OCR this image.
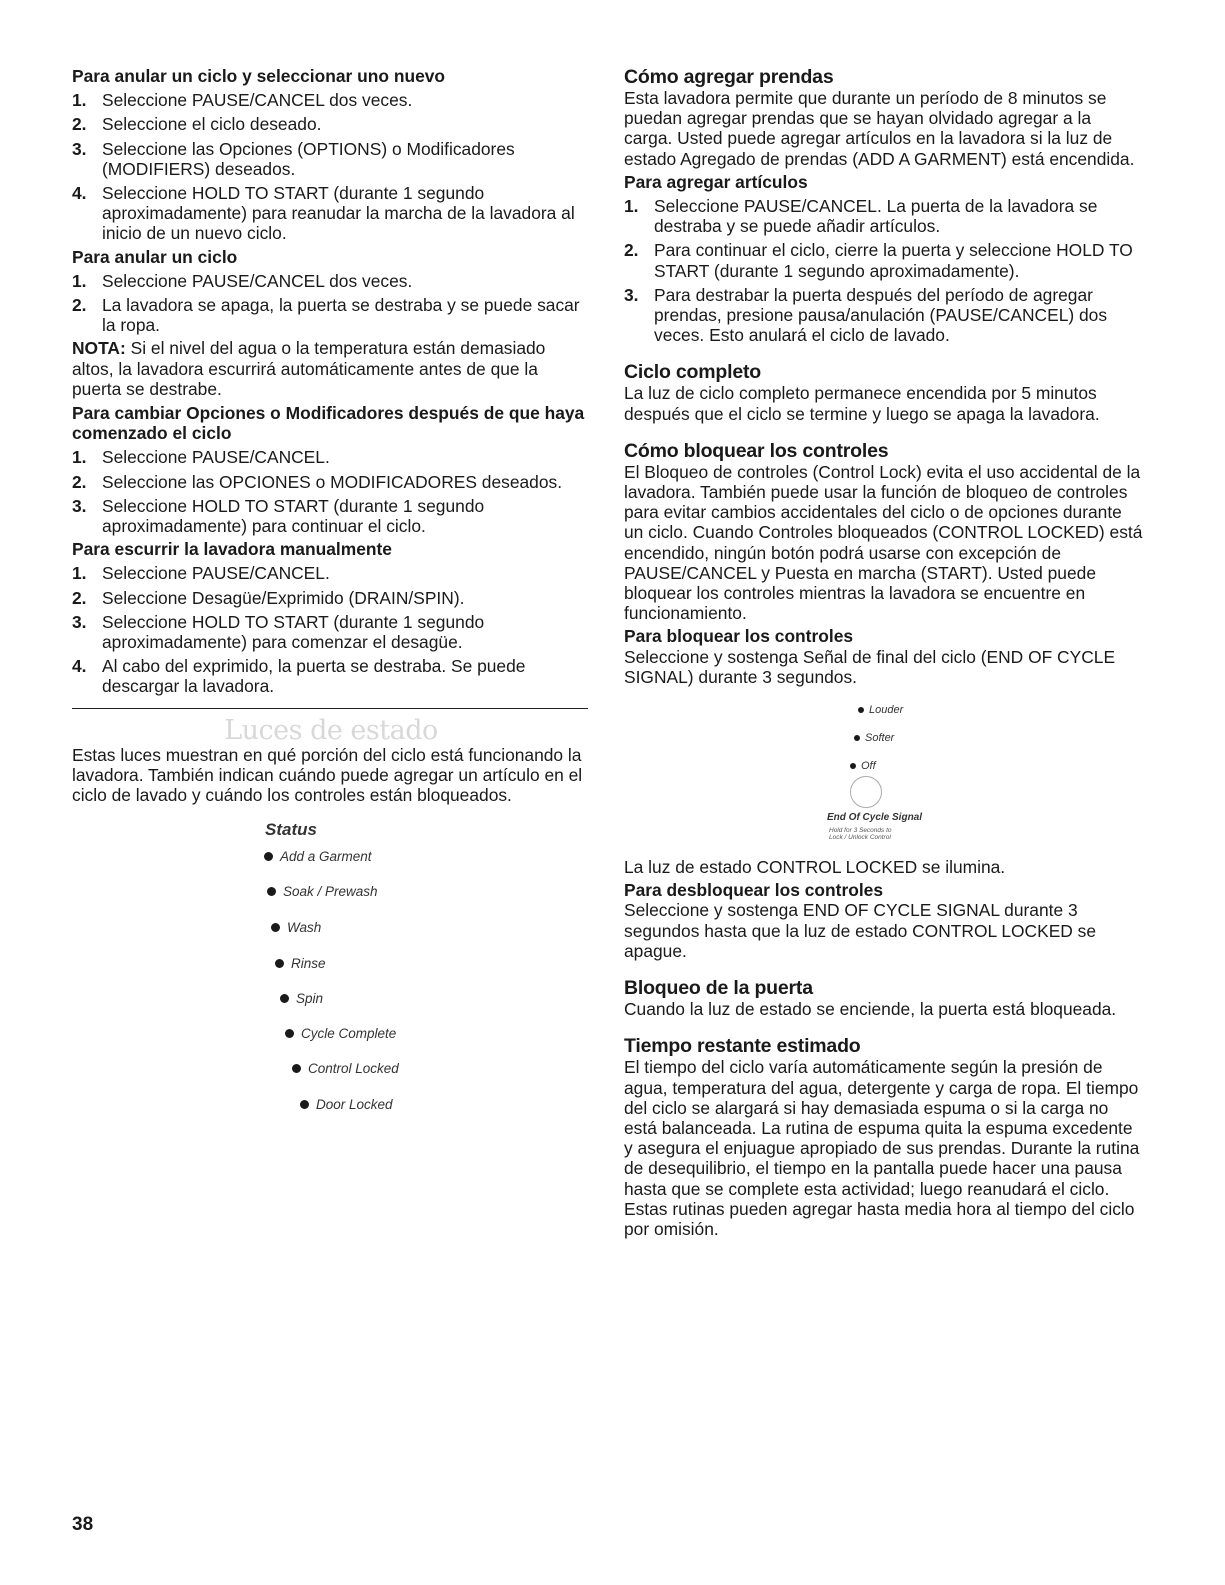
Para anular un ciclo y seleccionar uno nuevo

1. Seleccione PAUSE/CANCEL dos veces.
2. Seleccione el ciclo deseado.
3. Seleccione las Opciones (OPTIONS) o Modificadores (MODIFIERS) deseados.
4. Seleccione HOLD TO START (durante 1 segundo aproximadamente) para reanudar la marcha de la lavadora al inicio de un nuevo ciclo.

Para anular un ciclo

1. Seleccione PAUSE/CANCEL dos veces.
2. La lavadora se apaga, la puerta se destraba y se puede sacar la ropa.

NOTA: Si el nivel del agua o la temperatura están demasiado altos, la lavadora escurrirá automáticamente antes de que la puerta se destrabe.

Para cambiar Opciones o Modificadores después de que haya comenzado el ciclo

1. Seleccione PAUSE/CANCEL.
2. Seleccione las OPCIONES o MODIFICADORES deseados.
3. Seleccione HOLD TO START (durante 1 segundo aproximadamente) para continuar el ciclo.

Para escurrir la lavadora manualmente

1. Seleccione PAUSE/CANCEL.
2. Seleccione Desagüe/Exprimido (DRAIN/SPIN).
3. Seleccione HOLD TO START (durante 1 segundo aproximadamente) para comenzar el desagüe.
4. Al cabo del exprimido, la puerta se destraba. Se puede descargar la lavadora.
Luces de estado

Estas luces muestran en qué porción del ciclo está funcionando la lavadora. También indican cuándo puede agregar un artículo en el ciclo de lavado y cuándo los controles están bloqueados.

Status
Add a Garment
Soak / Prewash
Wash
Rinse
Spin
Cycle Complete
Control Locked
Door Locked

Cómo agregar prendas

Esta lavadora permite que durante un período de 8 minutos se puedan agregar prendas que se hayan olvidado agregar a la carga. Usted puede agregar artículos en la lavadora si la luz de estado Agregado de prendas (ADD A GARMENT) está encendida.

Para agregar artículos

1. Seleccione PAUSE/CANCEL. La puerta de la lavadora se destraba y se puede añadir artículos.
2. Para continuar el ciclo, cierre la puerta y seleccione HOLD TO START (durante 1 segundo aproximadamente).
3. Para destrabar la puerta después del período de agregar prendas, presione pausa/anulación (PAUSE/CANCEL) dos veces. Esto anulará el ciclo de lavado.

Ciclo completo

La luz de ciclo completo permanece encendida por 5 minutos después que el ciclo se termine y luego se apaga la lavadora.

Cómo bloquear los controles

El Bloqueo de controles (Control Lock) evita el uso accidental de la lavadora. También puede usar la función de bloqueo de controles para evitar cambios accidentales del ciclo o de opciones durante un ciclo. Cuando Controles bloqueados (CONTROL LOCKED) está encendido, ningún botón podrá usarse con excepción de PAUSE/CANCEL y Puesta en marcha (START). Usted puede bloquear los controles mientras la lavadora se encuentre en funcionamiento.

Para bloquear los controles

Seleccione y sostenga Señal de final del ciclo (END OF CYCLE SIGNAL) durante 3 segundos.

Louder
Softer
Off
End Of Cycle Signal
Hold for 3 Seconds to
Lock / Unlock Control

La luz de estado CONTROL LOCKED se ilumina.

Para desbloquear los controles

Seleccione y sostenga END OF CYCLE SIGNAL durante 3 segundos hasta que la luz de estado CONTROL LOCKED se apague.

Bloqueo de la puerta

Cuando la luz de estado se enciende, la puerta está bloqueada.

Tiempo restante estimado

El tiempo del ciclo varía automáticamente según la presión de agua, temperatura del agua, detergente y carga de ropa. El tiempo del ciclo se alargará si hay demasiada espuma o si la carga no está balanceada. La rutina de espuma quita la espuma excedente y asegura el enjuague apropiado de sus prendas. Durante la rutina de desequilibrio, el tiempo en la pantalla puede hacer una pausa hasta que se complete esta actividad; luego reanudará el ciclo. Estas rutinas pueden agregar hasta media hora al tiempo del ciclo por omisión.

38
